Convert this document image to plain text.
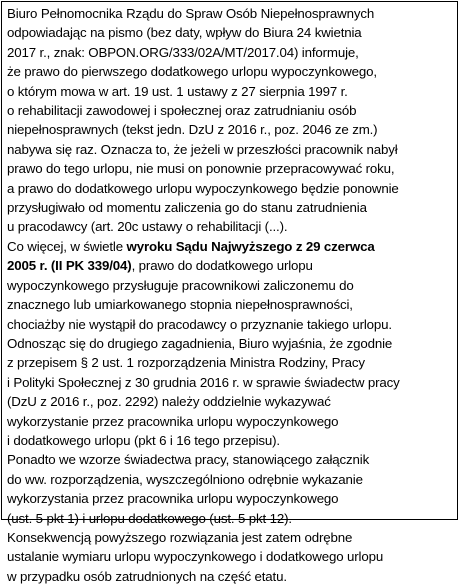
Biuro Pełnomocnika Rządu do Spraw Osób Niepełnosprawnych
odpowiadając na pismo (bez daty, wpływ do Biura 24 kwietnia
2017 r., znak: OBPON.ORG/333/02A/MT/2017.04) informuje,
że prawo do pierwszego dodatkowego urlopu wypoczynkowego,
o którym mowa w art. 19 ust. 1 ustawy z 27 sierpnia 1997 r.
o rehabilitacji zawodowej i społecznej oraz zatrudnianiu osób
niepełnosprawnych (tekst jedn. DzU z 2016 r., poz. 2046 ze zm.)
nabywa się raz. Oznacza to, że jeżeli w przeszłości pracownik nabył
prawo do tego urlopu, nie musi on ponownie przepracowywać roku,
a prawo do dodatkowego urlopu wypoczynkowego będzie ponownie
przysługiwało od momentu zaliczenia go do stanu zatrudnienia
u pracodawcy (art. 20c ustawy o rehabilitacji (...).
Co więcej, w świetle wyroku Sądu Najwyższego z 29 czerwca
2005 r. (II PK 339/04), prawo do dodatkowego urlopu
wypoczynkowego przysługuje pracownikowi zaliczonemu do
znacznego lub umiarkowanego stopnia niepełnosprawności,
chociażby nie wystąpił do pracodawcy o przyznanie takiego urlopu.
Odnosząc się do drugiego zagadnienia, Biuro wyjaśnia, że zgodnie
z przepisem § 2 ust. 1 rozporządzenia Ministra Rodziny, Pracy
i Polityki Społecznej z 30 grudnia 2016 r. w sprawie świadectw pracy
(DzU z 2016 r., poz. 2292) należy oddzielnie wykazywać
wykorzystanie przez pracownika urlopu wypoczynkowego
i dodatkowego urlopu (pkt 6 i 16 tego przepisu).
Ponadto we wzorze świadectwa pracy, stanowiącego załącznik
do ww. rozporządzenia, wyszczególniono odrębnie wykazanie
wykorzystania przez pracownika urlopu wypoczynkowego
(ust. 5 pkt 1) i urlopu dodatkowego (ust. 5 pkt 12).
Konsekwencją powyższego rozwiązania jest zatem odrębne
ustalanie wymiaru urlopu wypoczynkowego i dodatkowego urlopu
w przypadku osób zatrudnionych na część etatu.
